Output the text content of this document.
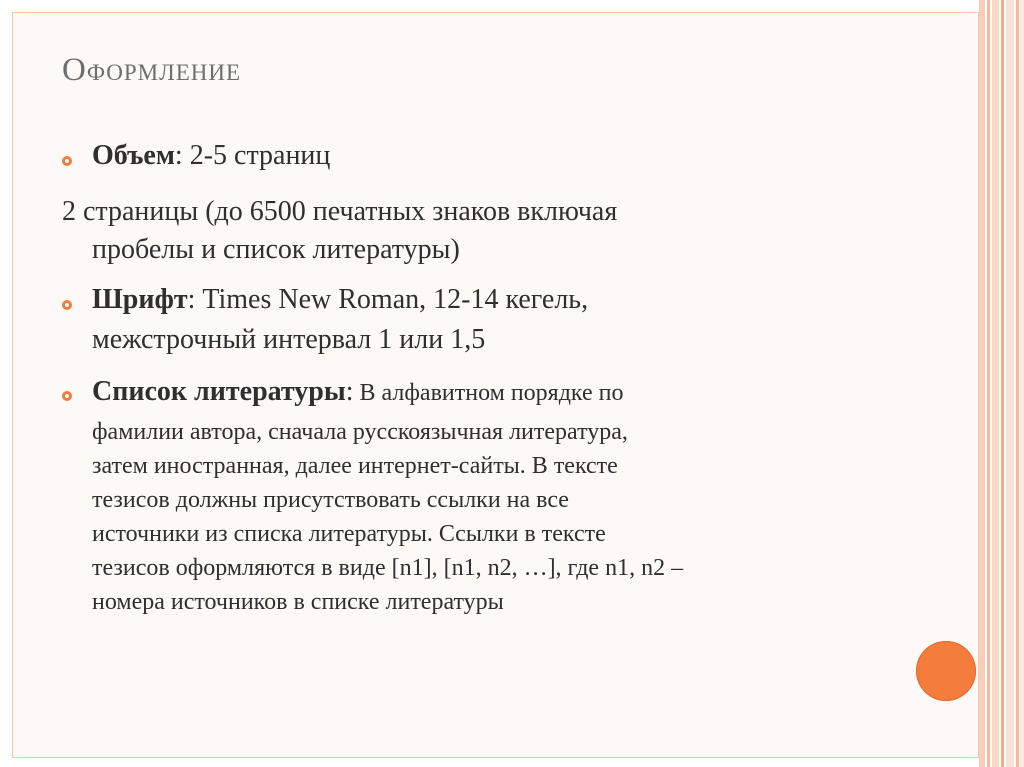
Оформление
Объем: 2-5 страниц
2 страницы (до 6500 печатных знаков включая
пробелы и список литературы)
Шрифт: Times New Roman, 12-14 кегель,
межстрочный интервал 1 или 1,5
Список литературы: В алфавитном порядке по
фамилии автора, сначала русскоязычная литература,
затем иностранная, далее интернет-сайты. В тексте
тезисов должны присутствовать ссылки на все
источники из списка литературы. Ссылки в тексте
тезисов оформляются в виде [n1], [n1, n2, …], где n1, n2 –
номера источников в списке литературы
